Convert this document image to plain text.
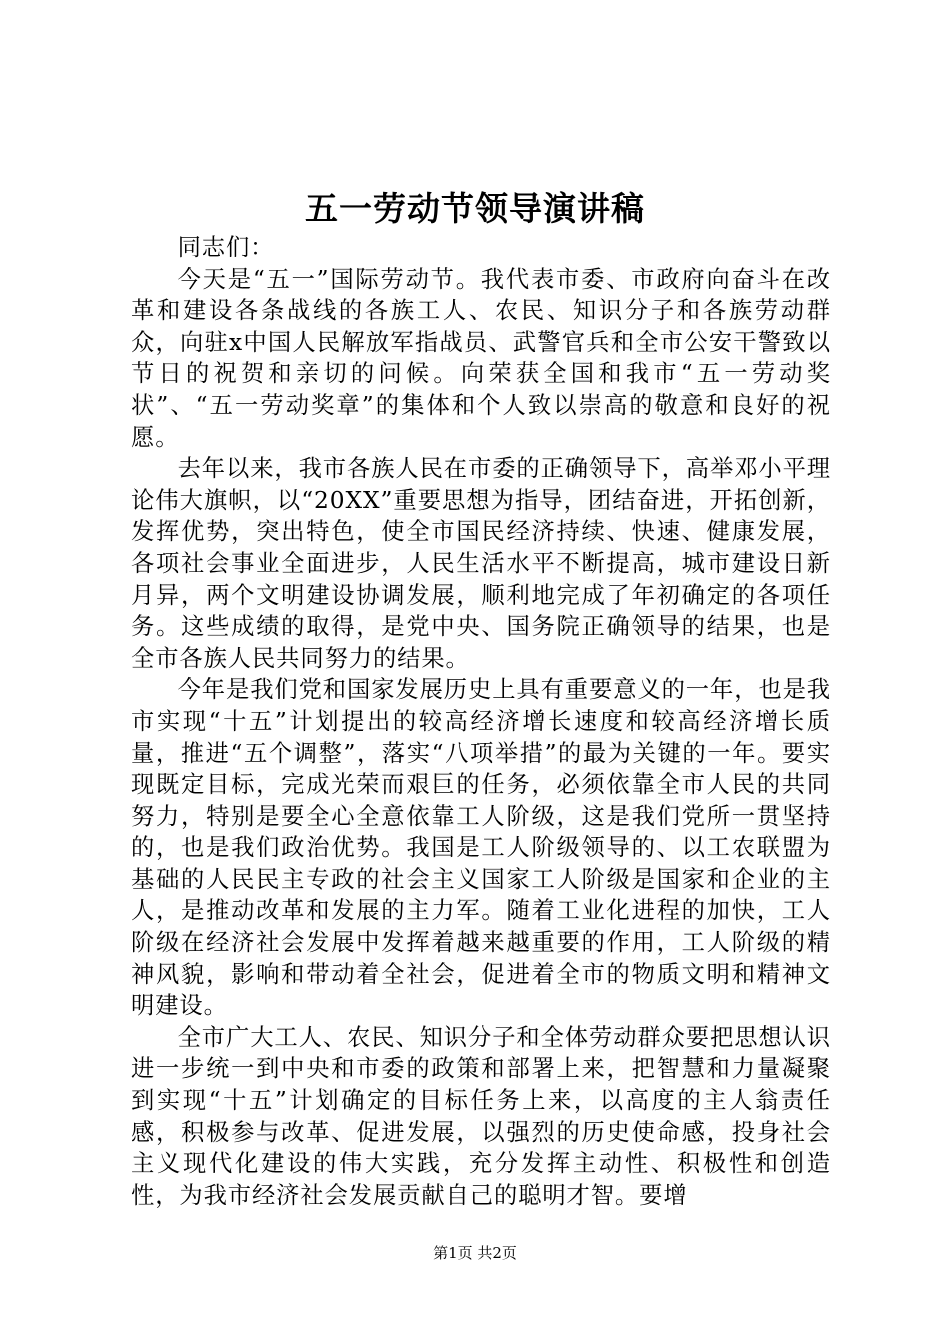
五一劳动节领导演讲稿

同志们：

今天是“五一”国际劳动节。我代表市委、市政府向奋斗在改革和建设各条战线的各族工人、农民、知识分子和各族劳动群众，向驻x中国人民解放军指战员、武警官兵和全市公安干警致以节日的祝贺和亲切的问候。向荣获全国和我市“五一劳动奖状”、“五一劳动奖章”的集体和个人致以崇高的敬意和良好的祝愿。

去年以来，我市各族人民在市委的正确领导下，高举邓小平理论伟大旗帜，以“20XX”重要思想为指导，团结奋进，开拓创新，发挥优势，突出特色，使全市国民经济持续、快速、健康发展，各项社会事业全面进步，人民生活水平不断提高，城市建设日新月异，两个文明建设协调发展，顺利地完成了年初确定的各项任务。这些成绩的取得，是党中央、国务院正确领导的结果，也是全市各族人民共同努力的结果。

今年是我们党和国家发展历史上具有重要意义的一年，也是我市实现“十五”计划提出的较高经济增长速度和较高经济增长质量，推进“五个调整”，落实“八项举措”的最为关键的一年。要实现既定目标，完成光荣而艰巨的任务，必须依靠全市人民的共同努力，特别是要全心全意依靠工人阶级，这是我们党所一贯坚持的，也是我们政治优势。我国是工人阶级领导的、以工农联盟为基础的人民民主专政的社会主义国家工人阶级是国家和企业的主人，是推动改革和发展的主力军。随着工业化进程的加快，工人阶级在经济社会发展中发挥着越来越重要的作用，工人阶级的精神风貌，影响和带动着全社会，促进着全市的物质文明和精神文明建设。

全市广大工人、农民、知识分子和全体劳动群众要把思想认识进一步统一到中央和市委的政策和部署上来，把智慧和力量凝聚到实现“十五”计划确定的目标任务上来，以高度的主人翁责任感，积极参与改革、促进发展，以强烈的历史使命感，投身社会主义现代化建设的伟大实践，充分发挥主动性、积极性和创造性，为我市经济社会发展贡献自己的聪明才智。要增

第1页 共2页
